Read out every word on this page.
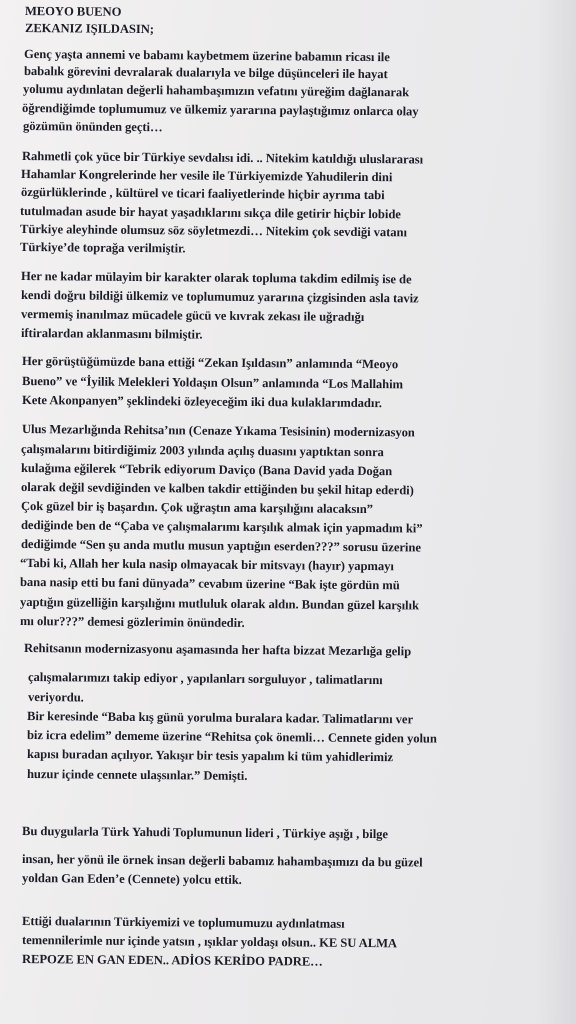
MEOYO BUENO
ZEKANIZ IŞILDASIN;
Genç yaşta annemi ve babamı kaybetmem üzerine babamın ricası ile
babalık görevini devralarak dualarıyla ve bilge düşünceleri ile hayat
yolumu aydınlatan değerli hahambaşımızın vefatını yüreğim dağlanarak
öğrendiğimde toplumumuz ve ülkemiz yararına paylaştığımız onlarca olay
gözümün önünden geçti…
Rahmetli çok yüce bir Türkiye sevdalısı idi. .. Nitekim katıldığı uluslararası
Hahamlar Kongrelerinde her vesile ile Türkiyemizde Yahudilerin dini
özgürlüklerinde , kültürel ve ticari faaliyetlerinde hiçbir ayrıma tabi
tutulmadan asude bir hayat yaşadıklarını sıkça dile getirir hiçbir lobide
Türkiye aleyhinde olumsuz söz söyletmezdi… Nitekim çok sevdiği vatanı
Türkiye’de toprağa verilmiştir.
Her ne kadar mülayim bir karakter olarak topluma takdim edilmiş ise de
kendi doğru bildiği ülkemiz ve toplumumuz yararına çizgisinden asla taviz
vermemiş inanılmaz mücadele gücü ve kıvrak zekası ile uğradığı
iftiralardan aklanmasını bilmiştir.
Her görüştüğümüzde bana ettiği “Zekan Işıldasın” anlamında “Meoyo
Bueno” ve “İyilik Melekleri Yoldaşın Olsun” anlamında “Los Mallahim
Kete Akonpanyen” şeklindeki özleyeceğim iki dua kulaklarımdadır.
Ulus Mezarlığında Rehitsa’nın (Cenaze Yıkama Tesisinin) modernizasyon
çalışmalarını bitirdiğimiz 2003 yılında açılış duasını yaptıktan sonra
kulağıma eğilerek “Tebrik ediyorum Daviço (Bana David yada Doğan
olarak değil sevdiğinden ve kalben takdir ettiğinden bu şekil hitap ederdi)
Çok güzel bir iş başardın. Çok uğraştın ama karşılığını alacaksın”
dediğinde ben de “Çaba ve çalışmalarımı karşılık almak için yapmadım ki”
dediğimde “Sen şu anda mutlu musun yaptığın eserden???” sorusu üzerine
“Tabi ki, Allah her kula nasip olmayacak bir mitsvayı (hayır) yapmayı
bana nasip etti bu fani dünyada” cevabım üzerine “Bak işte gördün mü
yaptığın güzelliğin karşılığını mutluluk olarak aldın. Bundan güzel karşılık
mı olur???” demesi gözlerimin önündedir.
Rehitsanın modernizasyonu aşamasında her hafta bizzat Mezarlığa gelip
çalışmalarımızı takip ediyor , yapılanları sorguluyor , talimatlarını
veriyordu.
Bir keresinde “Baba kış günü yorulma buralara kadar. Talimatlarını ver
biz icra edelim” dememe üzerine “Rehitsa çok önemli… Cennete giden yolun
kapısı buradan açılıyor. Yakışır bir tesis yapalım ki tüm yahidlerimiz
huzur içinde cennete ulaşsınlar.” Demişti.
Bu duygularla Türk Yahudi Toplumunun lideri , Türkiye aşığı , bilge
insan, her yönü ile örnek insan değerli babamız hahambaşımızı da bu güzel
yoldan Gan Eden’e (Cennete) yolcu ettik.
Ettiği dualarının Türkiyemizi ve toplumumuzu aydınlatması
temennilerimle nur içinde yatsın , ışıklar yoldaşı olsun.. KE SU ALMA
REPOZE EN GAN EDEN.. ADİOS KERİDO PADRE…
